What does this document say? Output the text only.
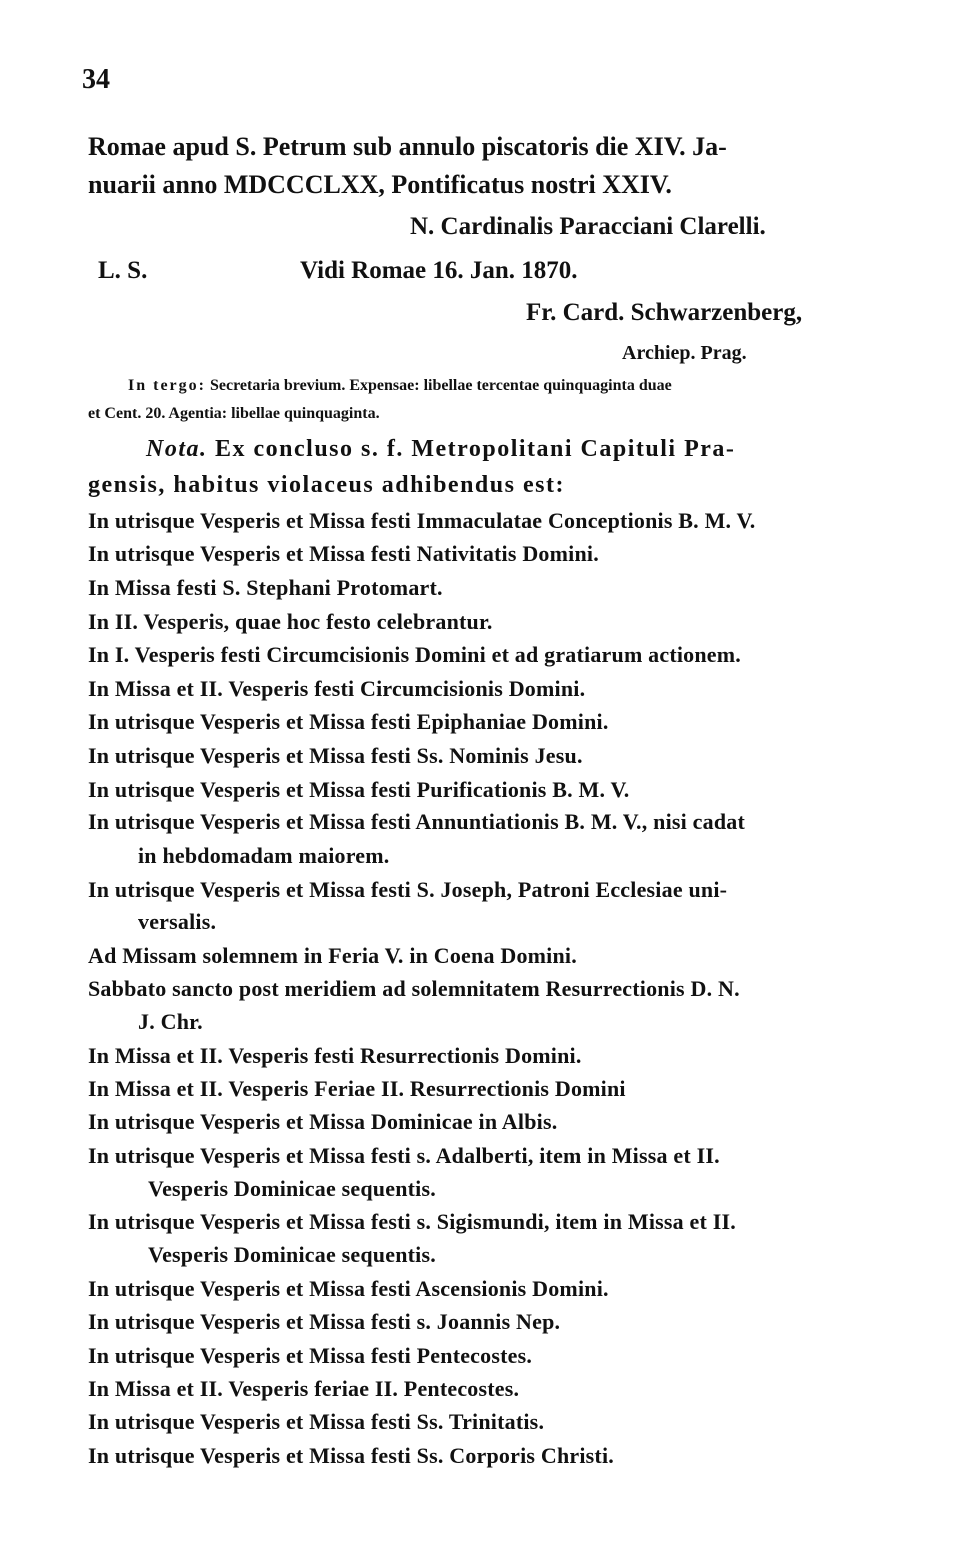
34
Romae apud S. Petrum sub annulo piscatoris die XIV. Ja-
nuarii anno MDCCCLXX, Pontificatus nostri XXIV.
N. Cardinalis Paracciani Clarelli.
L. S.	Vidi Romae 16. Jan. 1870.
Fr. Card. Schwarzenberg,
Archiep. Prag.
In tergo: Secretaria brevium. Expensae: libellae tercentae quinquaginta duae
et Cent. 20. Agentia: libellae quinquaginta.
Nota. Ex concluso s. f. Metropolitani Capituli Pra-
gensis, habitus violaceus adhibendus est:
In utrisque Vesperis et Missa festi Immaculatae Conceptionis B. M. V.
In utrisque Vesperis et Missa festi Nativitatis Domini.
In Missa festi S. Stephani Protomart.
In II. Vesperis, quae hoc festo celebrantur.
In I. Vesperis festi Circumcisionis Domini et ad gratiarum actionem.
In Missa et II. Vesperis festi Circumcisionis Domini.
In utrisque Vesperis et Missa festi Epiphaniae Domini.
In utrisque Vesperis et Missa festi Ss. Nominis Jesu.
In utrisque Vesperis et Missa festi Purificationis B. M. V.
In utrisque Vesperis et Missa festi Annuntiationis B. M. V., nisi cadat
in hebdomadam maiorem.
In utrisque Vesperis et Missa festi S. Joseph, Patroni Ecclesiae uni-
versalis.
Ad Missam solemnem in Feria V. in Coena Domini.
Sabbato sancto post meridiem ad solemnitatem Resurrectionis D. N.
J. Chr.
In Missa et II. Vesperis festi Resurrectionis Domini.
In Missa et II. Vesperis Feriae II. Resurrectionis Domini
In utrisque Vesperis et Missa Dominicae in Albis.
In utrisque Vesperis et Missa festi s. Adalberti, item in Missa et II.
Vesperis Dominicae sequentis.
In utrisque Vesperis et Missa festi s. Sigismundi, item in Missa et II.
Vesperis Dominicae sequentis.
In utrisque Vesperis et Missa festi Ascensionis Domini.
In utrisque Vesperis et Missa festi s. Joannis Nep.
In utrisque Vesperis et Missa festi Pentecostes.
In Missa et II. Vesperis feriae II. Pentecostes.
In utrisque Vesperis et Missa festi Ss. Trinitatis.
In utrisque Vesperis et Missa festi Ss. Corporis Christi.
